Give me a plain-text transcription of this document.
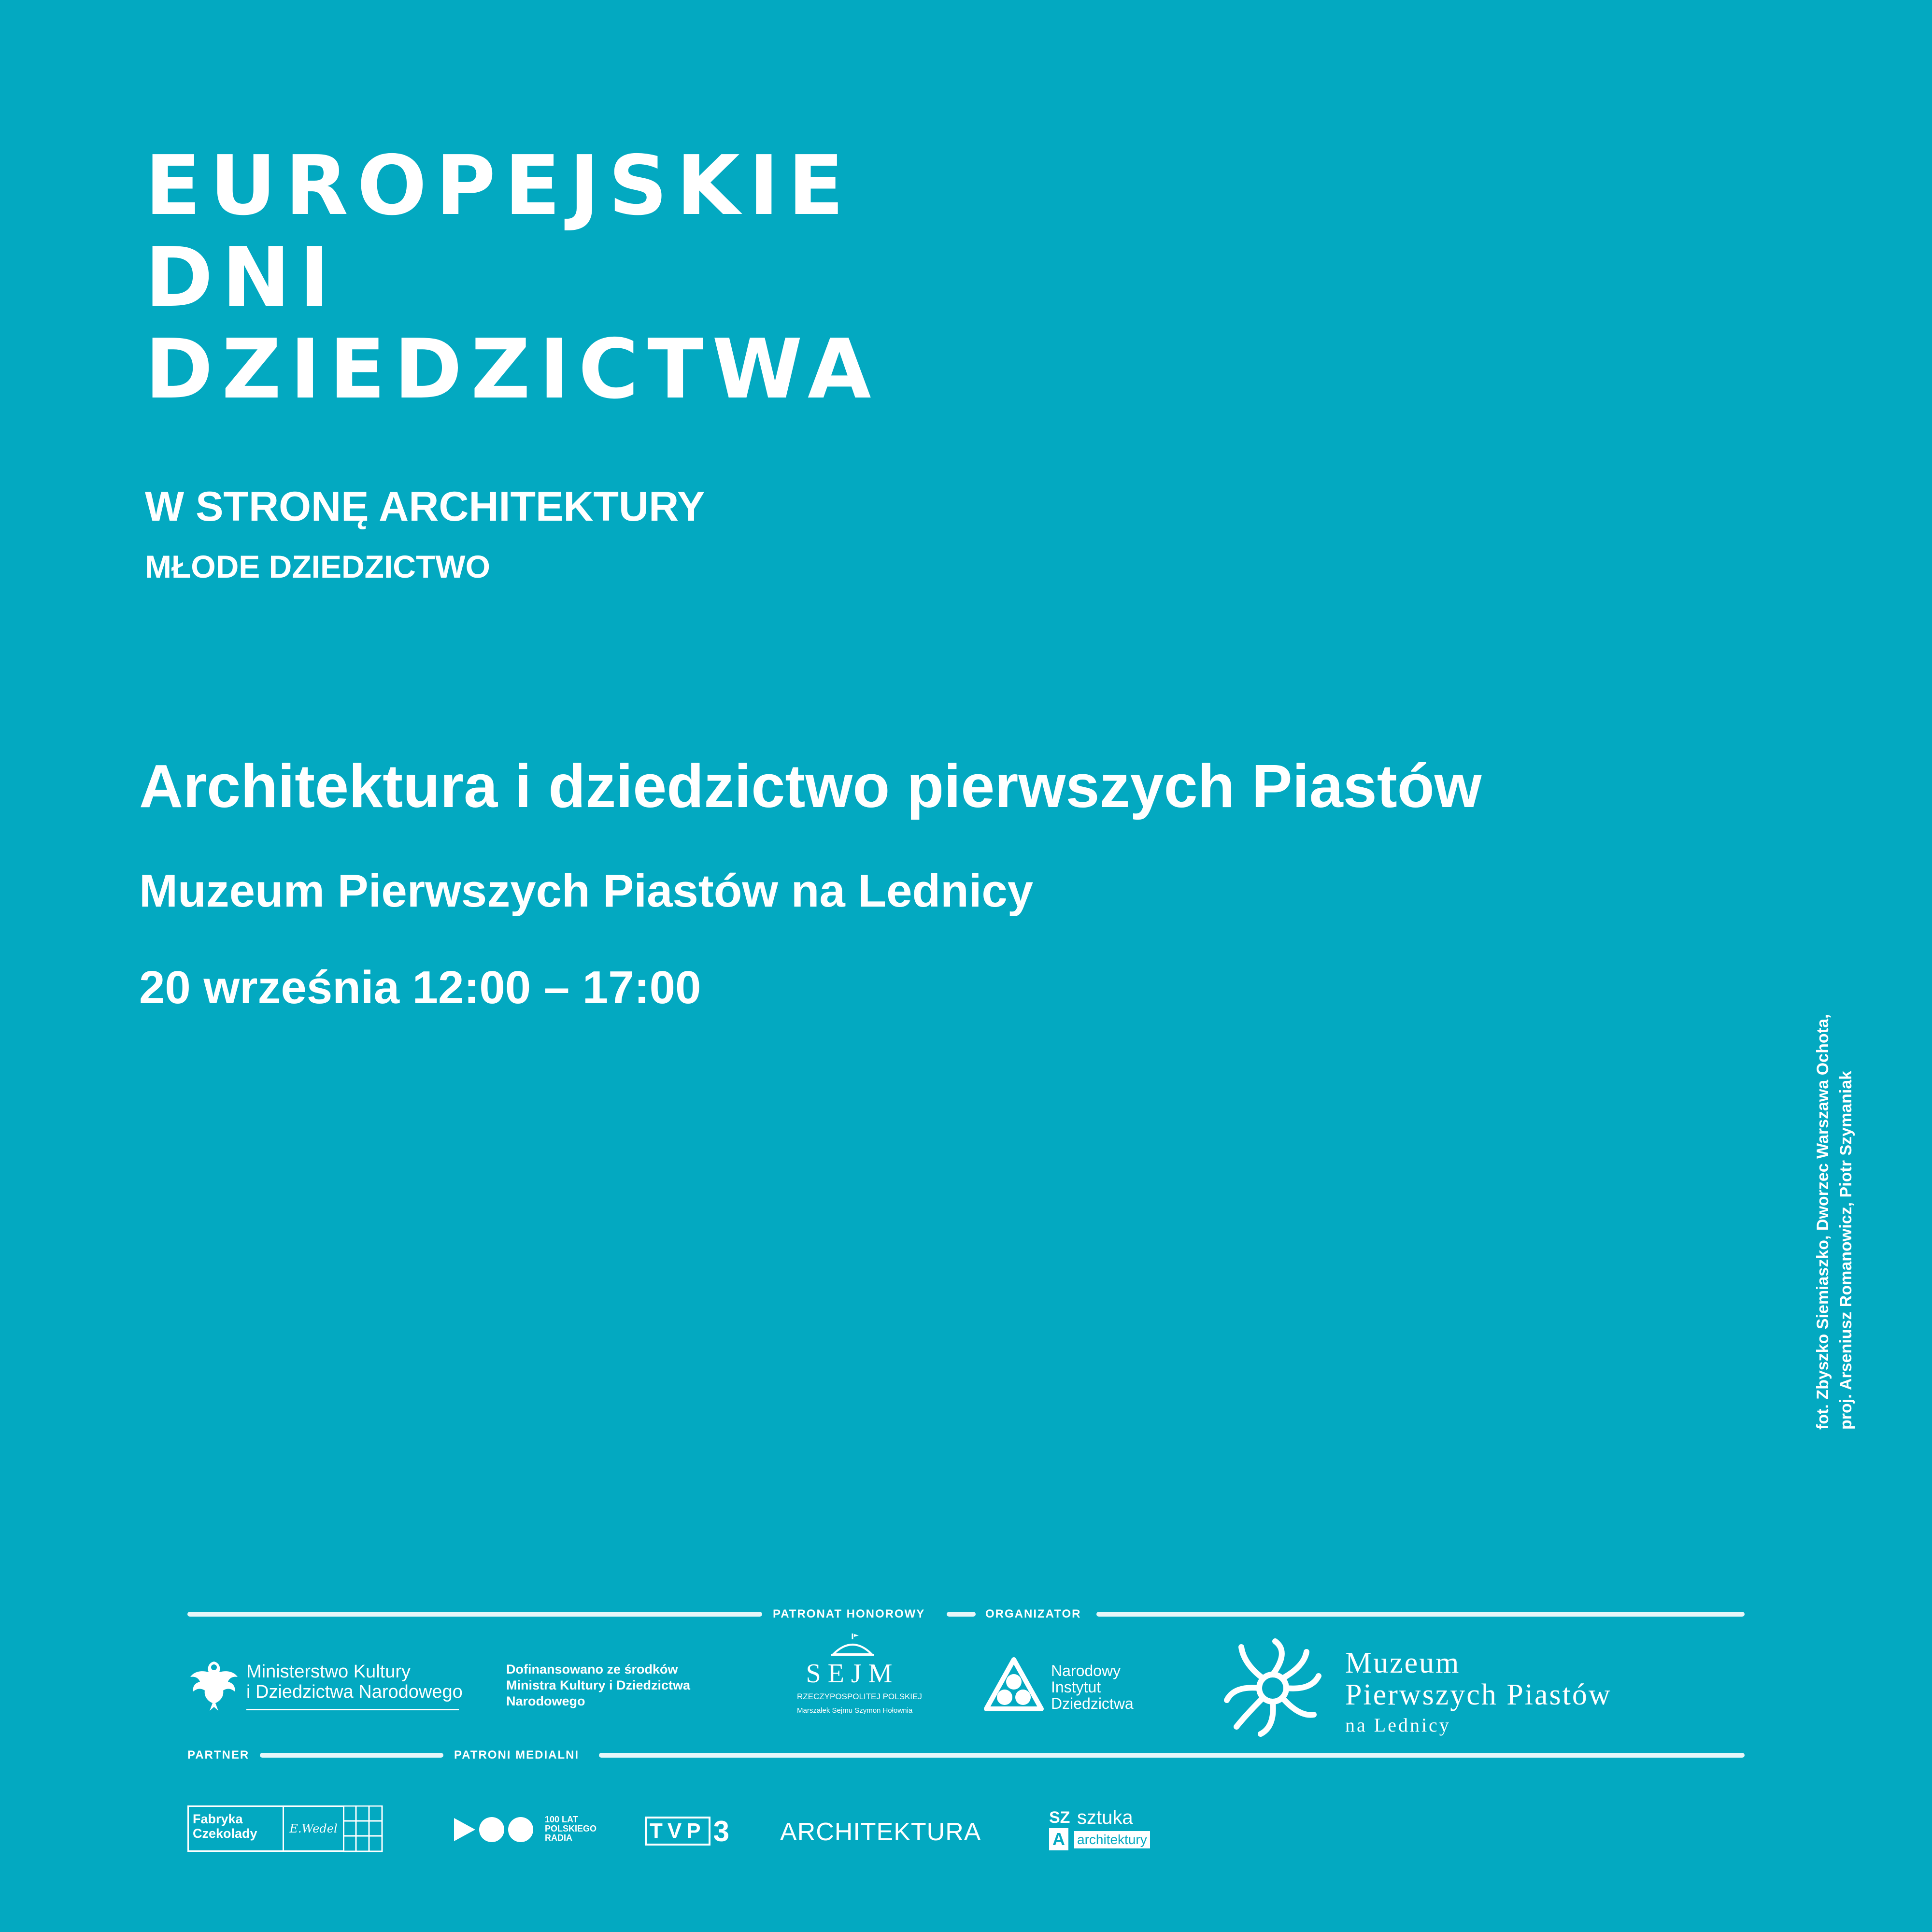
EUROPEJSKIE
DNI
DZIEDZICTWA
W STRONĘ ARCHITEKTURY
MŁODE DZIEDZICTWO
Architektura i dziedzictwo pierwszych Piastów
Muzeum Pierwszych Piastów na Lednicy
20 września 12:00 – 17:00
fot. Zbyszko Siemiaszko, Dworzec Warszawa Ochota, proj. Arseniusz Romanowicz, Piotr Szymaniak
PATRONAT HONOROWY	ORGANIZATOR
Ministerstwo Kultury
i Dziedzictwa Narodowego
Dofinansowano ze środków
Ministra Kultury i Dziedzictwa
Narodowego
SEJM
RZECZYPOSPOLITEJ POLSKIEJ
Marszałek Sejmu Szymon Hołownia
Narodowy
Instytut
Dziedzictwa
Muzeum
Pierwszych Piastów
na Lednicy
PARTNER	PATRONI MEDIALNI
Fabryka
Czekolady	E.Wedel
100 LAT
POLSKIEGO
RADIA	TVP 3 ARCHITEKTURA
SZ
A
sztuka
architektury
